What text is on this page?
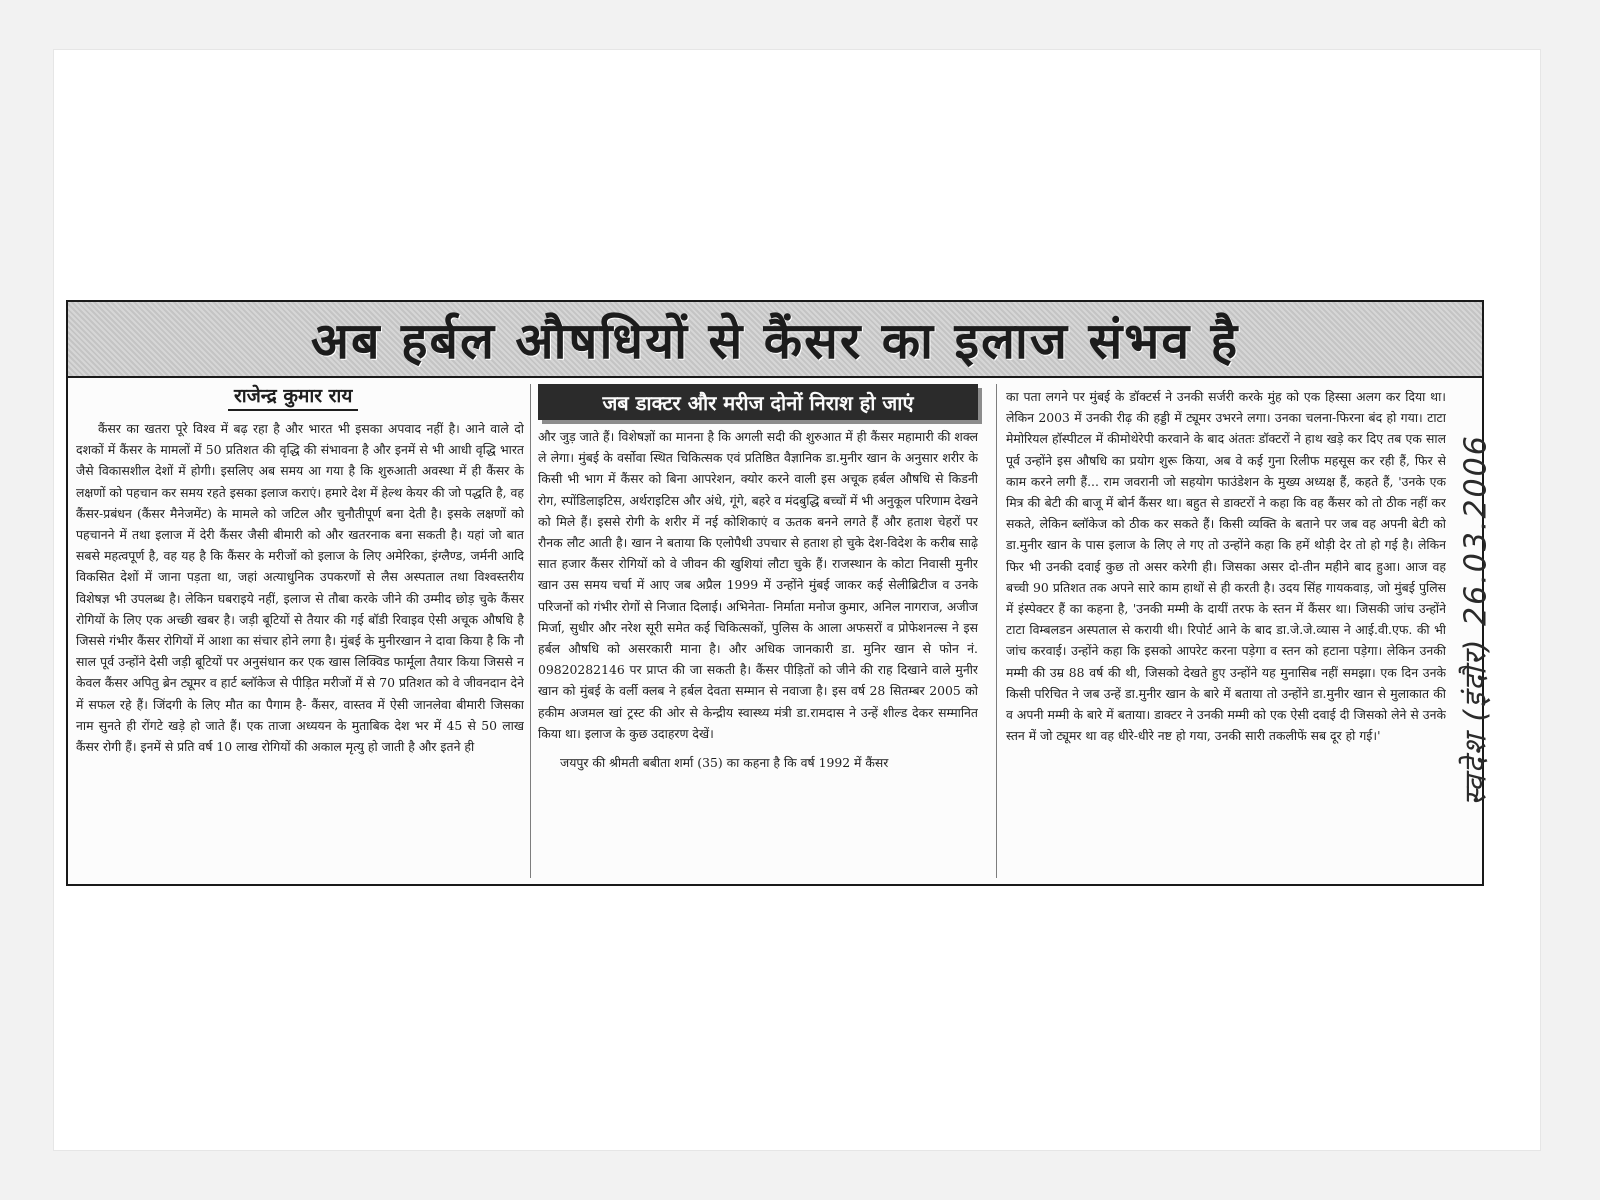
अब हर्बल औषधियों से कैंसर का इलाज संभव है
राजेन्द्र कुमार राय	जब डाक्टर और मरीज दोनों निराश हो जाएं

कैंसर का खतरा पूरे विश्व में बढ़ रहा है और भारत भी इसका अपवाद नहीं है। आने वाले दो दशकों में कैंसर के मामलों में 50 प्रतिशत की वृद्धि की संभावना है और इनमें से भी आधी वृद्धि भारत जैसे विकासशील देशों में होगी। इसलिए अब समय आ गया है कि शुरुआती अवस्था में ही कैंसर के लक्षणों को पहचान कर समय रहते इसका इलाज कराएं। हमारे देश में हेल्थ केयर की जो पद्धति है, वह कैंसर-प्रबंधन (कैंसर मैनेजमेंट) के मामले को जटिल और चुनौतीपूर्ण बना देती है। इसके लक्षणों को पहचानने में तथा इलाज में देरी कैंसर जैसी बीमारी को और खतरनाक बना सकती है। यहां जो बात सबसे महत्वपूर्ण है, वह यह है कि कैंसर के मरीजों को इलाज के लिए अमेरिका, इंग्लैण्ड, जर्मनी आदि विकसित देशों में जाना पड़ता था, जहां अत्याधुनिक उपकरणों से लैस अस्पताल तथा विश्वस्तरीय विशेषज्ञ भी उपलब्ध है। लेकिन घबराइये नहीं, इलाज से तौबा करके जीने की उम्मीद छोड़ चुके कैंसर रोगियों के लिए एक अच्छी खबर है। जड़ी बूटियों से तैयार की गई बॉडी रिवाइव ऐसी अचूक औषधि है जिससे गंभीर कैंसर रोगियों में आशा का संचार होने लगा है। मुंबई के मुनीरखान ने दावा किया है कि नौ साल पूर्व उन्होंने देसी जड़ी बूटियों पर अनुसंधान कर एक खास लिक्विड फार्मूला तैयार किया जिससे न केवल कैंसर अपितु ब्रेन ट्यूमर व हार्ट ब्लॉकेज से पीड़ित मरीजों में से 70 प्रतिशत को वे जीवनदान देने में सफल रहे हैं। जिंदगी के लिए मौत का पैगाम है- कैंसर, वास्तव में ऐसी जानलेवा बीमारी जिसका नाम सुनते ही रोंगटे खड़े हो जाते हैं। एक ताजा अध्ययन के मुताबिक देश भर में 45 से 50 लाख कैंसर रोगी हैं। इनमें से प्रति वर्ष 10 लाख रोगियों की अकाल मृत्यु हो जाती है और इतने ही

और जुड़ जाते हैं। विशेषज्ञों का मानना है कि अगली सदी की शुरुआत में ही कैंसर महामारी की शक्ल ले लेगा। मुंबई के वर्सोवा स्थित चिकित्सक एवं प्रतिष्ठित वैज्ञानिक डा.मुनीर खान के अनुसार शरीर के किसी भी भाग में कैंसर को बिना आपरेशन, क्योर करने वाली इस अचूक हर्बल औषधि से किडनी रोग, स्पोंडिलाइटिस, अर्थराइटिस और अंधे, गूंगे, बहरे व मंदबुद्धि बच्चों में भी अनुकूल परिणाम देखने को मिले हैं। इससे रोगी के शरीर में नई कोशिकाएं व ऊतक बनने लगते हैं और हताश चेहरों पर रौनक लौट आती है। खान ने बताया कि एलोपैथी उपचार से हताश हो चुके देश-विदेश के करीब साढ़े सात हजार कैंसर रोगियों को वे जीवन की खुशियां लौटा चुके हैं। राजस्थान के कोटा निवासी मुनीर खान उस समय चर्चा में आए जब अप्रैल 1999 में उन्होंने मुंबई जाकर कई सेलीब्रिटीज व उनके परिजनों को गंभीर रोगों से निजात दिलाई। अभिनेता- निर्माता मनोज कुमार, अनिल नागराज, अजीज मिर्जा, सुधीर और नरेश सूरी समेत कई चिकित्सकों, पुलिस के आला अफसरों व प्रोफेशनल्स ने इस हर्बल औषधि को असरकारी माना है। और अधिक जानकारी डा. मुनिर खान से फोन नं. 09820282146 पर प्राप्त की जा सकती है। कैंसर पीड़ितों को जीने की राह दिखाने वाले मुनीर खान को मुंबई के वर्ली क्लब ने हर्बल देवता सम्मान से नवाजा है। इस वर्ष 28 सितम्बर 2005 को हकीम अजमल खां ट्रस्ट की ओर से केन्द्रीय स्वास्थ्य मंत्री डा.रामदास ने उन्हें शील्ड देकर सम्मानित किया था। इलाज के कुछ उदाहरण देखें।

जयपुर की श्रीमती बबीता शर्मा (35) का कहना है कि वर्ष 1992 में कैंसर

का पता लगने पर मुंबई के डॉक्टर्स ने उनकी सर्जरी करके मुंह को एक हिस्सा अलग कर दिया था। लेकिन 2003 में उनकी रीढ़ की हड्डी में ट्यूमर उभरने लगा। उनका चलना-फिरना बंद हो गया। टाटा मेमोरियल हॉस्पीटल में कीमोथेरेपी करवाने के बाद अंततः डॉक्टरों ने हाथ खड़े कर दिए तब एक साल पूर्व उन्होंने इस औषधि का प्रयोग शुरू किया, अब वे कई गुना रिलीफ महसूस कर रही हैं, फिर से काम करने लगी हैं... राम जवरानी जो सहयोग फाउंडेशन के मुख्य अध्यक्ष हैं, कहते हैं, 'उनके एक मित्र की बेटी की बाजू में बोर्न कैंसर था। बहुत से डाक्टरों ने कहा कि वह कैंसर को तो ठीक नहीं कर सकते, लेकिन ब्लॉकेज को ठीक कर सकते हैं। किसी व्यक्ति के बताने पर जब वह अपनी बेटी को डा.मुनीर खान के पास इलाज के लिए ले गए तो उन्होंने कहा कि हमें थोड़ी देर तो हो गई है। लेकिन फिर भी उनकी दवाई कुछ तो असर करेगी ही। जिसका असर दो-तीन महीने बाद हुआ। आज वह बच्ची 90 प्रतिशत तक अपने सारे काम हाथों से ही करती है। उदय सिंह गायकवाड़, जो मुंबई पुलिस में इंस्पेक्टर हैं का कहना है, 'उनकी मम्मी के दायीं तरफ के स्तन में कैंसर था। जिसकी जांच उन्होंने टाटा विम्बलडन अस्पताल से करायी थी। रिपोर्ट आने के बाद डा.जे.जे.व्यास ने आई.वी.एफ. की भी जांच करवाई। उन्होंने कहा कि इसको आपरेट करना पड़ेगा व स्तन को हटाना पड़ेगा। लेकिन उनकी मम्मी की उम्र 88 वर्ष की थी, जिसको देखते हुए उन्होंने यह मुनासिब नहीं समझा। एक दिन उनके किसी परिचित ने जब उन्हें डा.मुनीर खान के बारे में बताया तो उन्होंने डा.मुनीर खान से मुलाकात की व अपनी मम्मी के बारे में बताया। डाक्टर ने उनकी मम्मी को एक ऐसी दवाई दी जिसको लेने से उनके स्तन में जो ट्यूमर था वह धीरे-धीरे नष्ट हो गया, उनकी सारी तकलीफें सब दूर हो गई।'	स्वदेश (इंदौर) 26.03.2006
